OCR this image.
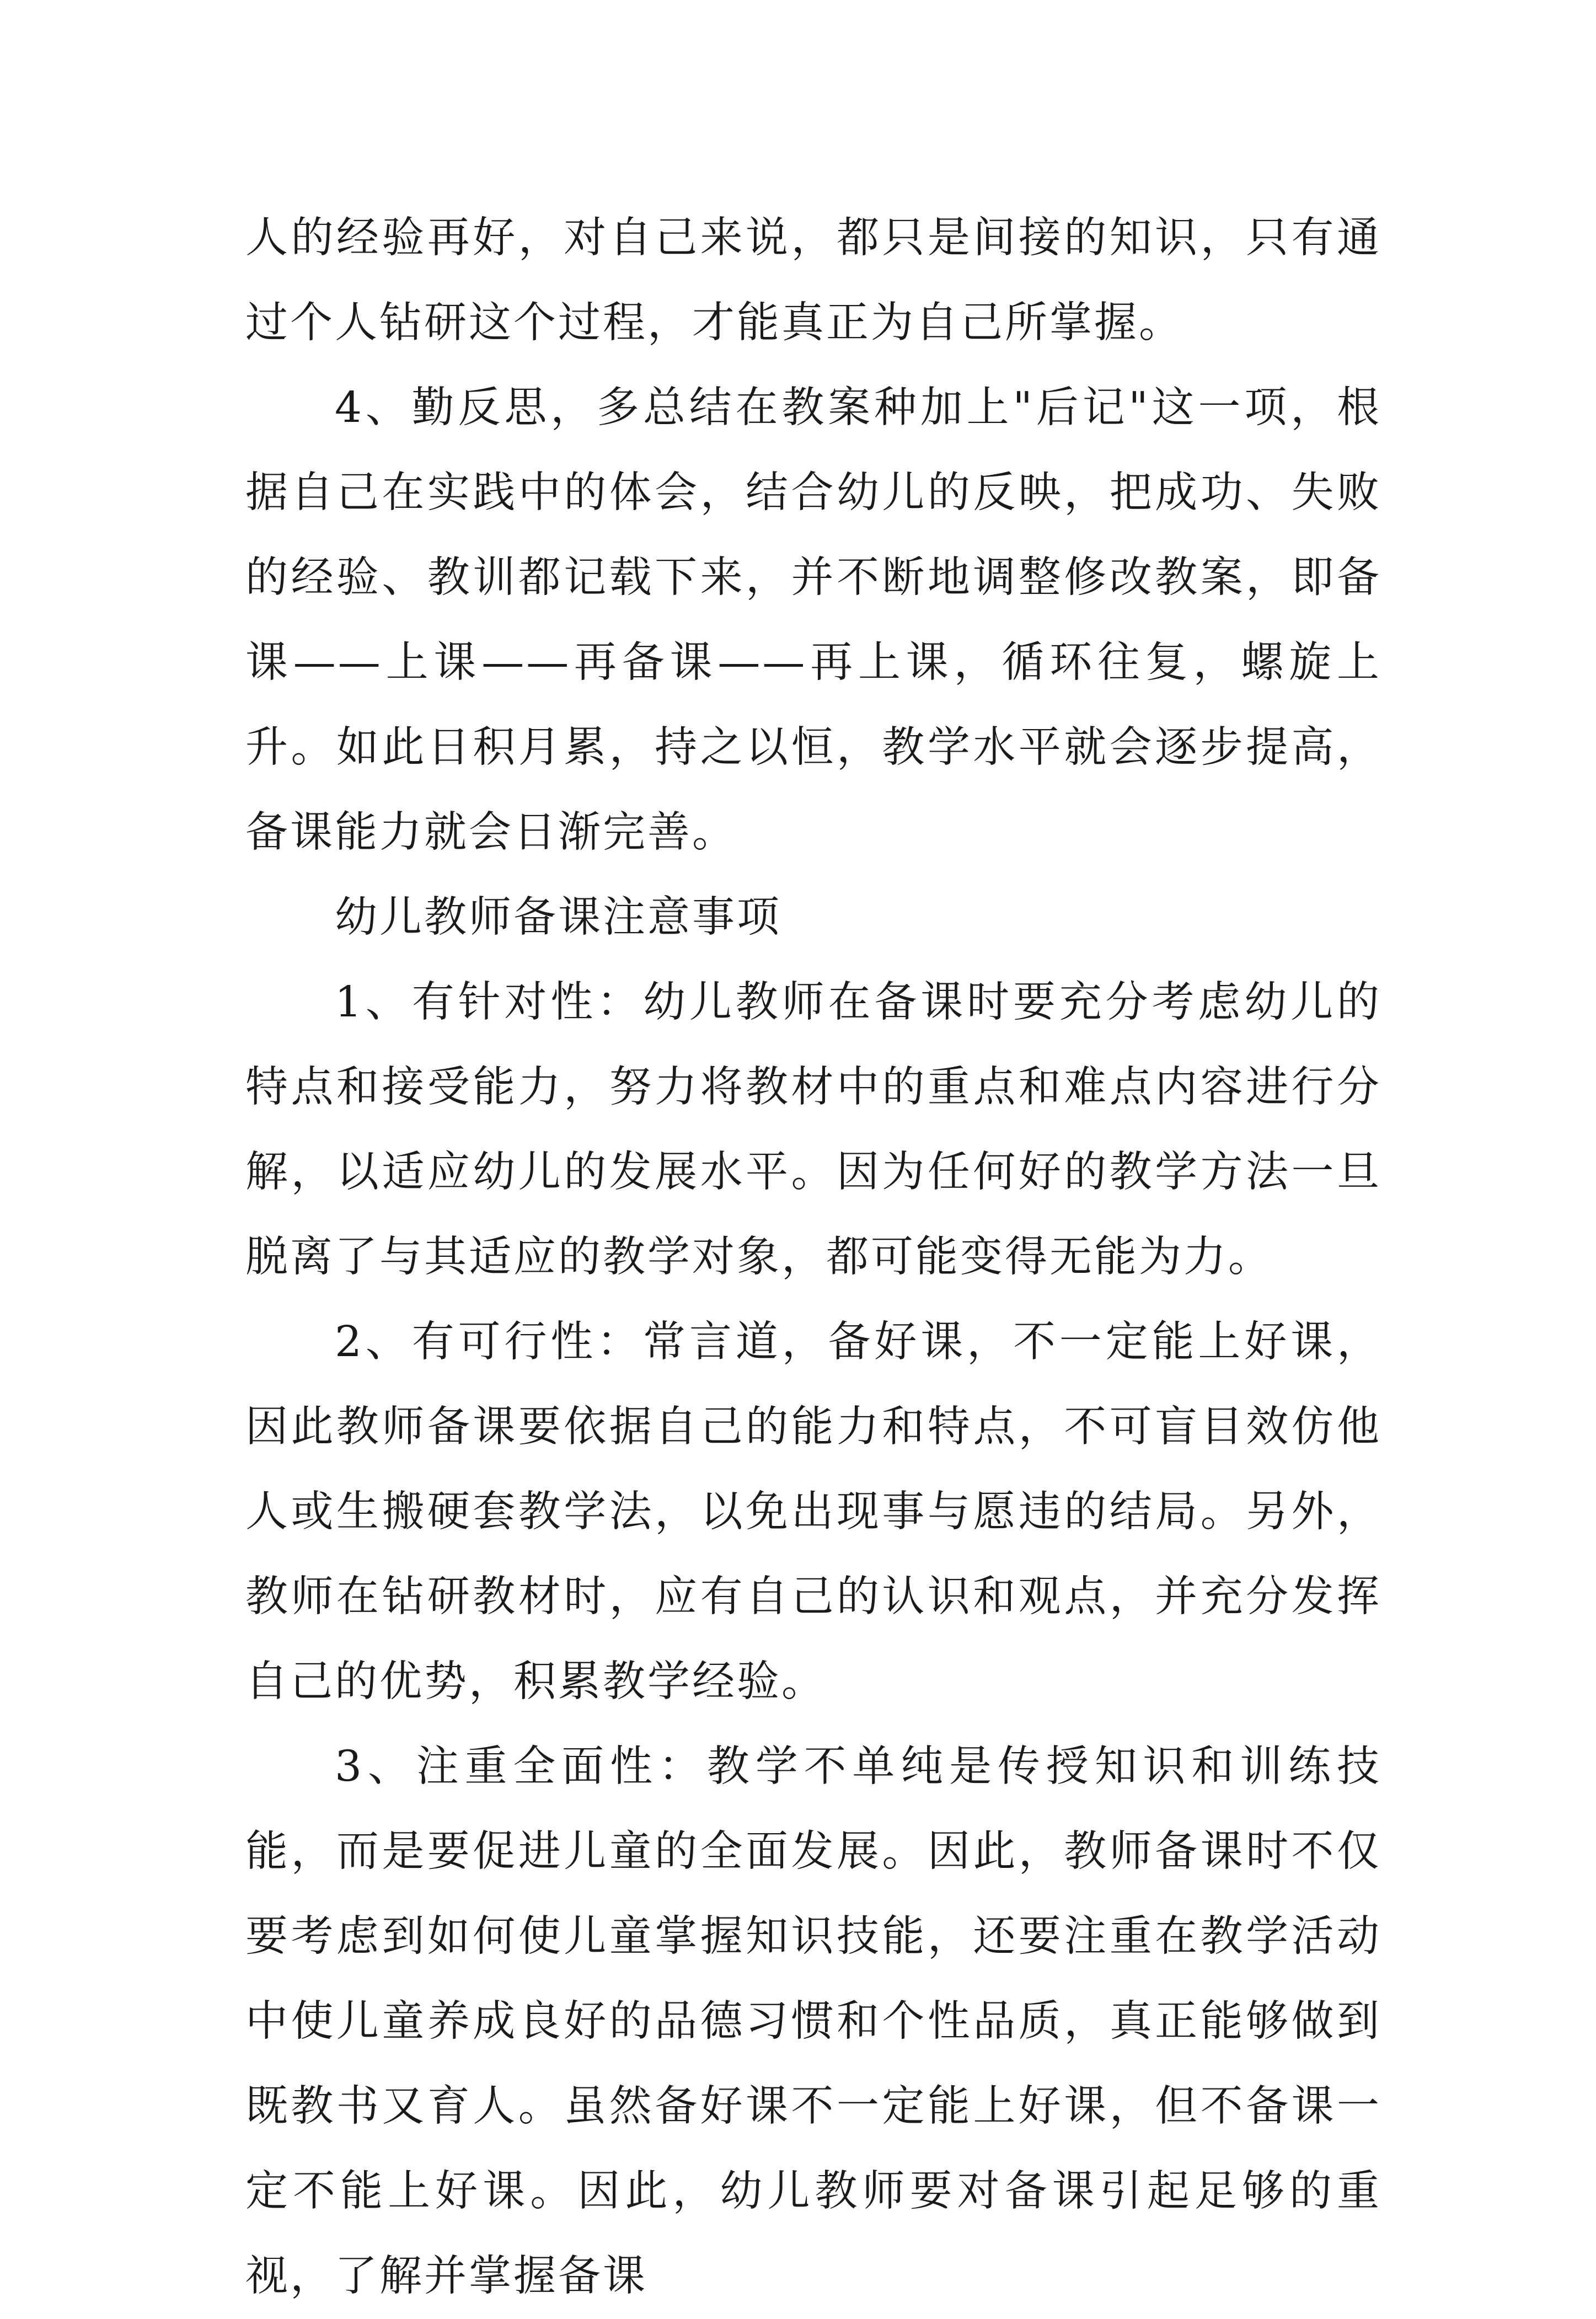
人的经验再好，对自己来说，都只是间接的知识，只有通过个人钻研这个过程，才能真正为自己所掌握。

4、勤反思，多总结在教案种加上"后记"这一项，根据自己在实践中的体会，结合幼儿的反映，把成功、失败的经验、教训都记载下来，并不断地调整修改教案，即备课——上课——再备课——再上课，循环往复，螺旋上升。如此日积月累，持之以恒，教学水平就会逐步提高，备课能力就会日渐完善。

幼儿教师备课注意事项

1、有针对性：幼儿教师在备课时要充分考虑幼儿的特点和接受能力，努力将教材中的重点和难点内容进行分解，以适应幼儿的发展水平。因为任何好的教学方法一旦脱离了与其适应的教学对象，都可能变得无能为力。

2、有可行性：常言道，备好课，不一定能上好课，因此教师备课要依据自己的能力和特点，不可盲目效仿他人或生搬硬套教学法，以免出现事与愿违的结局。另外，教师在钻研教材时，应有自己的认识和观点，并充分发挥自己的优势，积累教学经验。

3、注重全面性：教学不单纯是传授知识和训练技能，而是要促进儿童的全面发展。因此，教师备课时不仅要考虑到如何使儿童掌握知识技能，还要注重在教学活动中使儿童养成良好的品德习惯和个性品质，真正能够做到既教书又育人。虽然备好课不一定能上好课，但不备课一定不能上好课。因此，幼儿教师要对备课引起足够的重视，了解并掌握备课
